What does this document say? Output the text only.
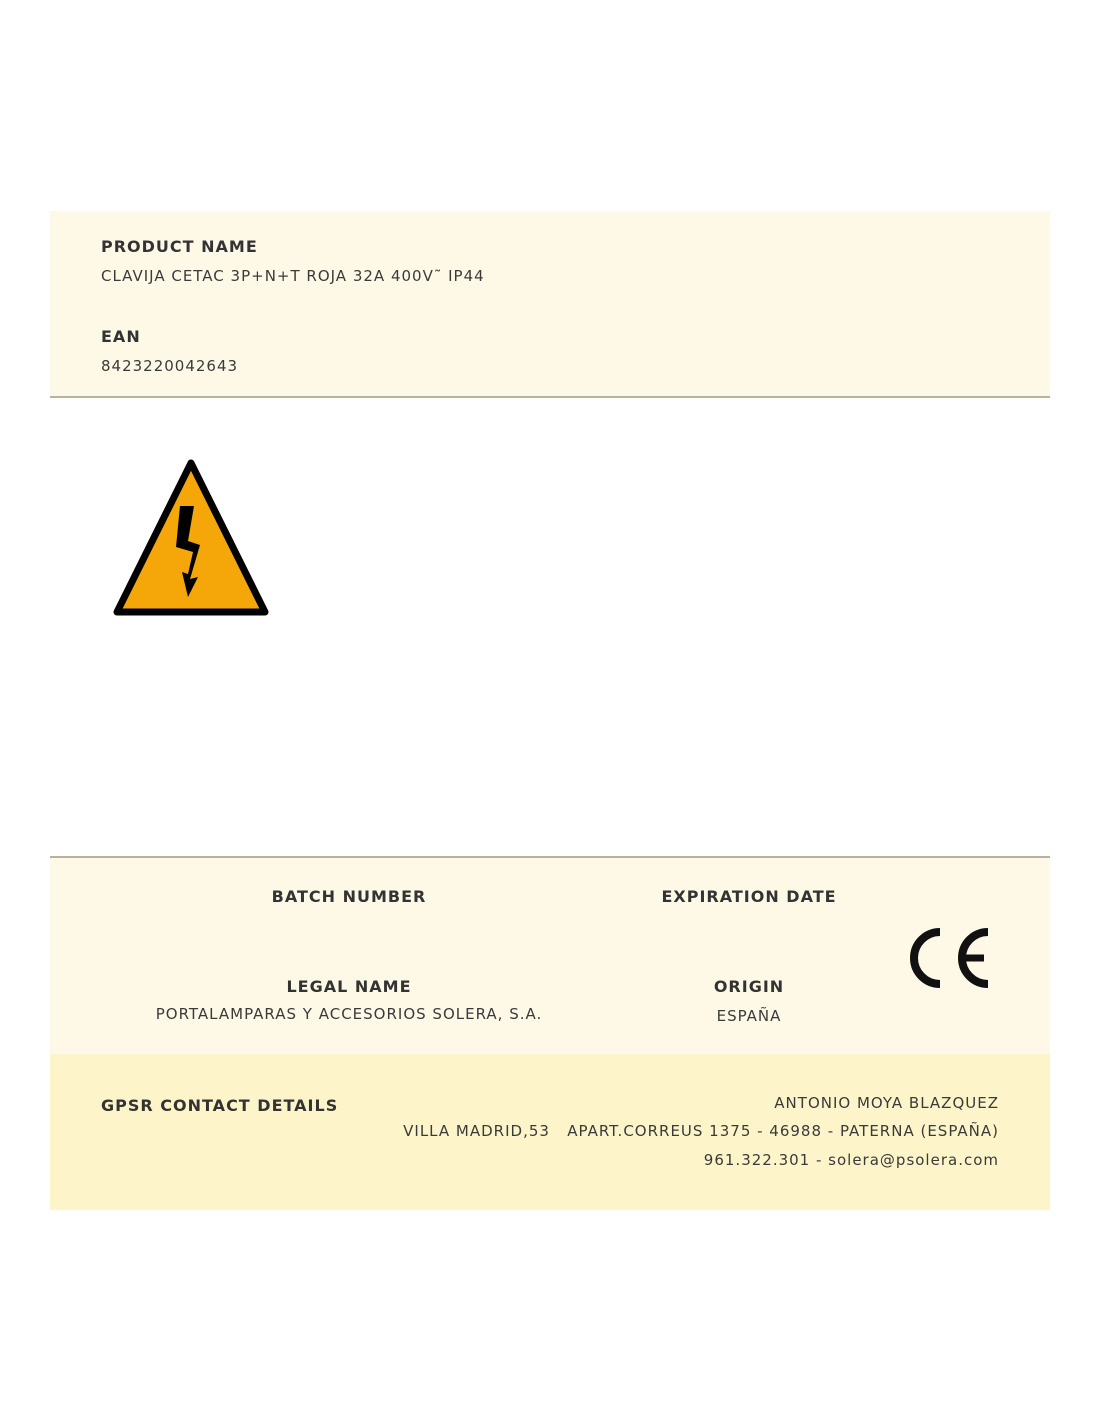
PRODUCT NAME
CLAVIJA CETAC 3P+N+T ROJA 32A 400V˜ IP44
EAN
8423220042643
BATCH NUMBER	EXPIRATION DATE
LEGAL NAME
PORTALAMPARAS Y ACCESORIOS SOLERA, S.A.
ORIGIN
ESPAÑA
GPSR CONTACT DETAILS	ANTONIO MOYA BLAZQUEZ
VILLA MADRID,53   APART.CORREUS 1375 - 46988 - PATERNA (ESPAÑA)
961.322.301 - solera@psolera.com
